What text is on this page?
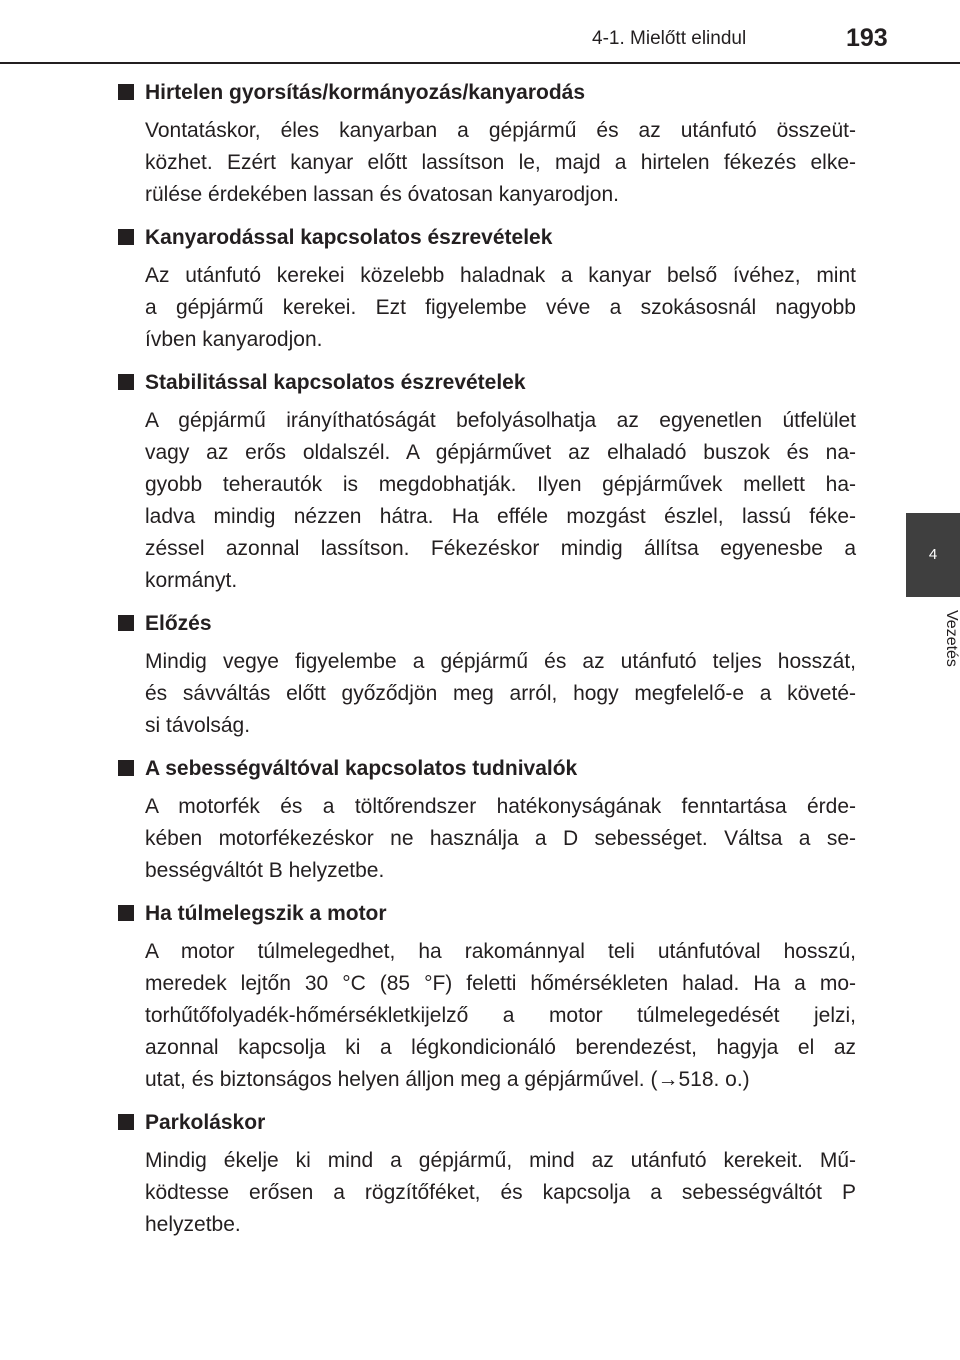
4-1. Mielőtt elindul	193
4
Vezetés
Hirtelen gyorsítás/kormányozás/kanyarodás
Vontatáskor, éles kanyarban a gépjármű és az utánfutó összeüt-
közhet. Ezért kanyar előtt lassítson le, majd a hirtelen fékezés elke-
rülése érdekében lassan és óvatosan kanyarodjon.
Kanyarodással kapcsolatos észrevételek
Az utánfutó kerekei közelebb haladnak a kanyar belső ívéhez, mint
a gépjármű kerekei. Ezt figyelembe véve a szokásosnál nagyobb
ívben kanyarodjon.
Stabilitással kapcsolatos észrevételek
A gépjármű irányíthatóságát befolyásolhatja az egyenetlen útfelület
vagy az erős oldalszél. A gépjárművet az elhaladó buszok és na-
gyobb teherautók is megdobhatják. Ilyen gépjárművek mellett ha-
ladva mindig nézzen hátra. Ha efféle mozgást észlel, lassú féke-
zéssel azonnal lassítson. Fékezéskor mindig állítsa egyenesbe a
kormányt.
Előzés
Mindig vegye figyelembe a gépjármű és az utánfutó teljes hosszát,
és sávváltás előtt győződjön meg arról, hogy megfelelő-e a követé-
si távolság.
A sebességváltóval kapcsolatos tudnivalók
A motorfék és a töltőrendszer hatékonyságának fenntartása érde-
kében motorfékezéskor ne használja a D sebességet. Váltsa a se-
bességváltót B helyzetbe.
Ha túlmelegszik a motor
A motor túlmelegedhet, ha rakománnyal teli utánfutóval hosszú,
meredek lejtőn 30 °C (85 °F) feletti hőmérsékleten halad. Ha a mo-
torhűtőfolyadék-hőmérsékletkijelző a motor túlmelegedését jelzi,
azonnal kapcsolja ki a légkondicionáló berendezést, hagyja el az
utat, és biztonságos helyen álljon meg a gépjárművel. (→518. o.)
Parkoláskor
Mindig ékelje ki mind a gépjármű, mind az utánfutó kerekeit. Mű-
ködtesse erősen a rögzítőféket, és kapcsolja a sebességváltót P
helyzetbe.
